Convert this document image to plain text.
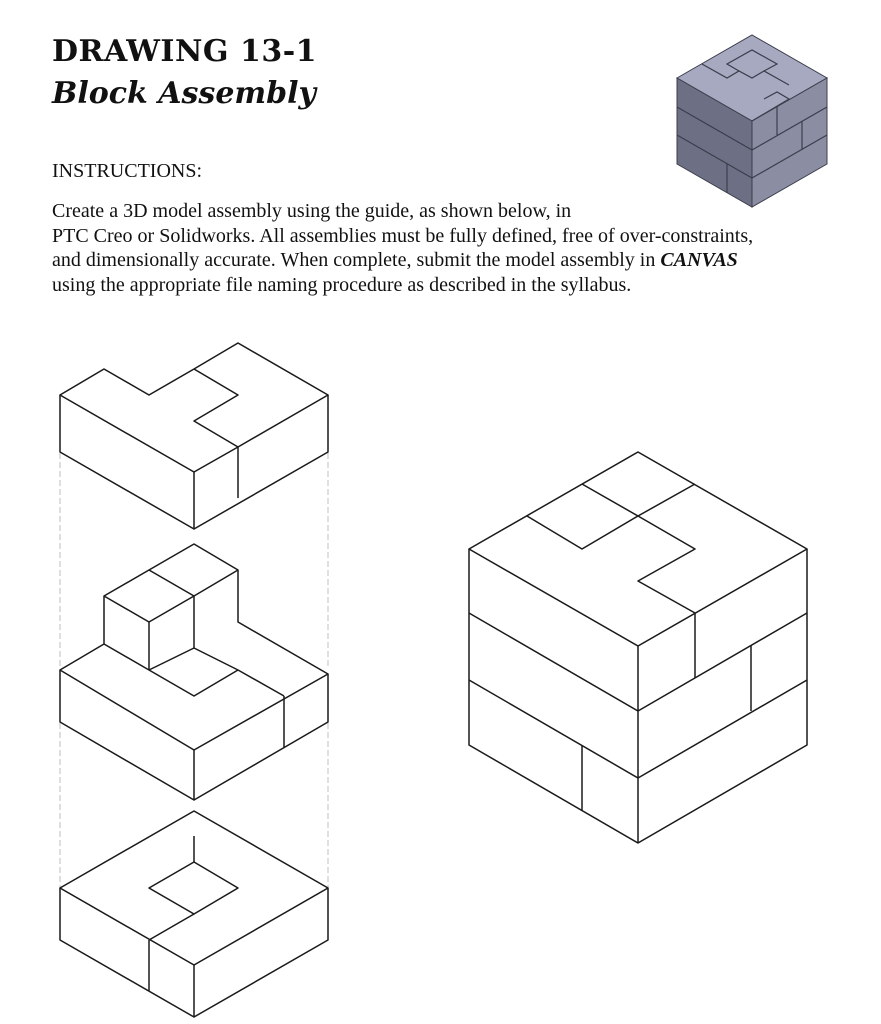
DRAWING 13-1
Block Assembly

INSTRUCTIONS:

Create a 3D model assembly using the guide, as shown below, in
PTC Creo or Solidworks. All assemblies must be fully defined, free of over-constraints,
and dimensionally accurate. When complete, submit the model assembly in CANVAS
using the appropriate file naming procedure as described in the syllabus.
